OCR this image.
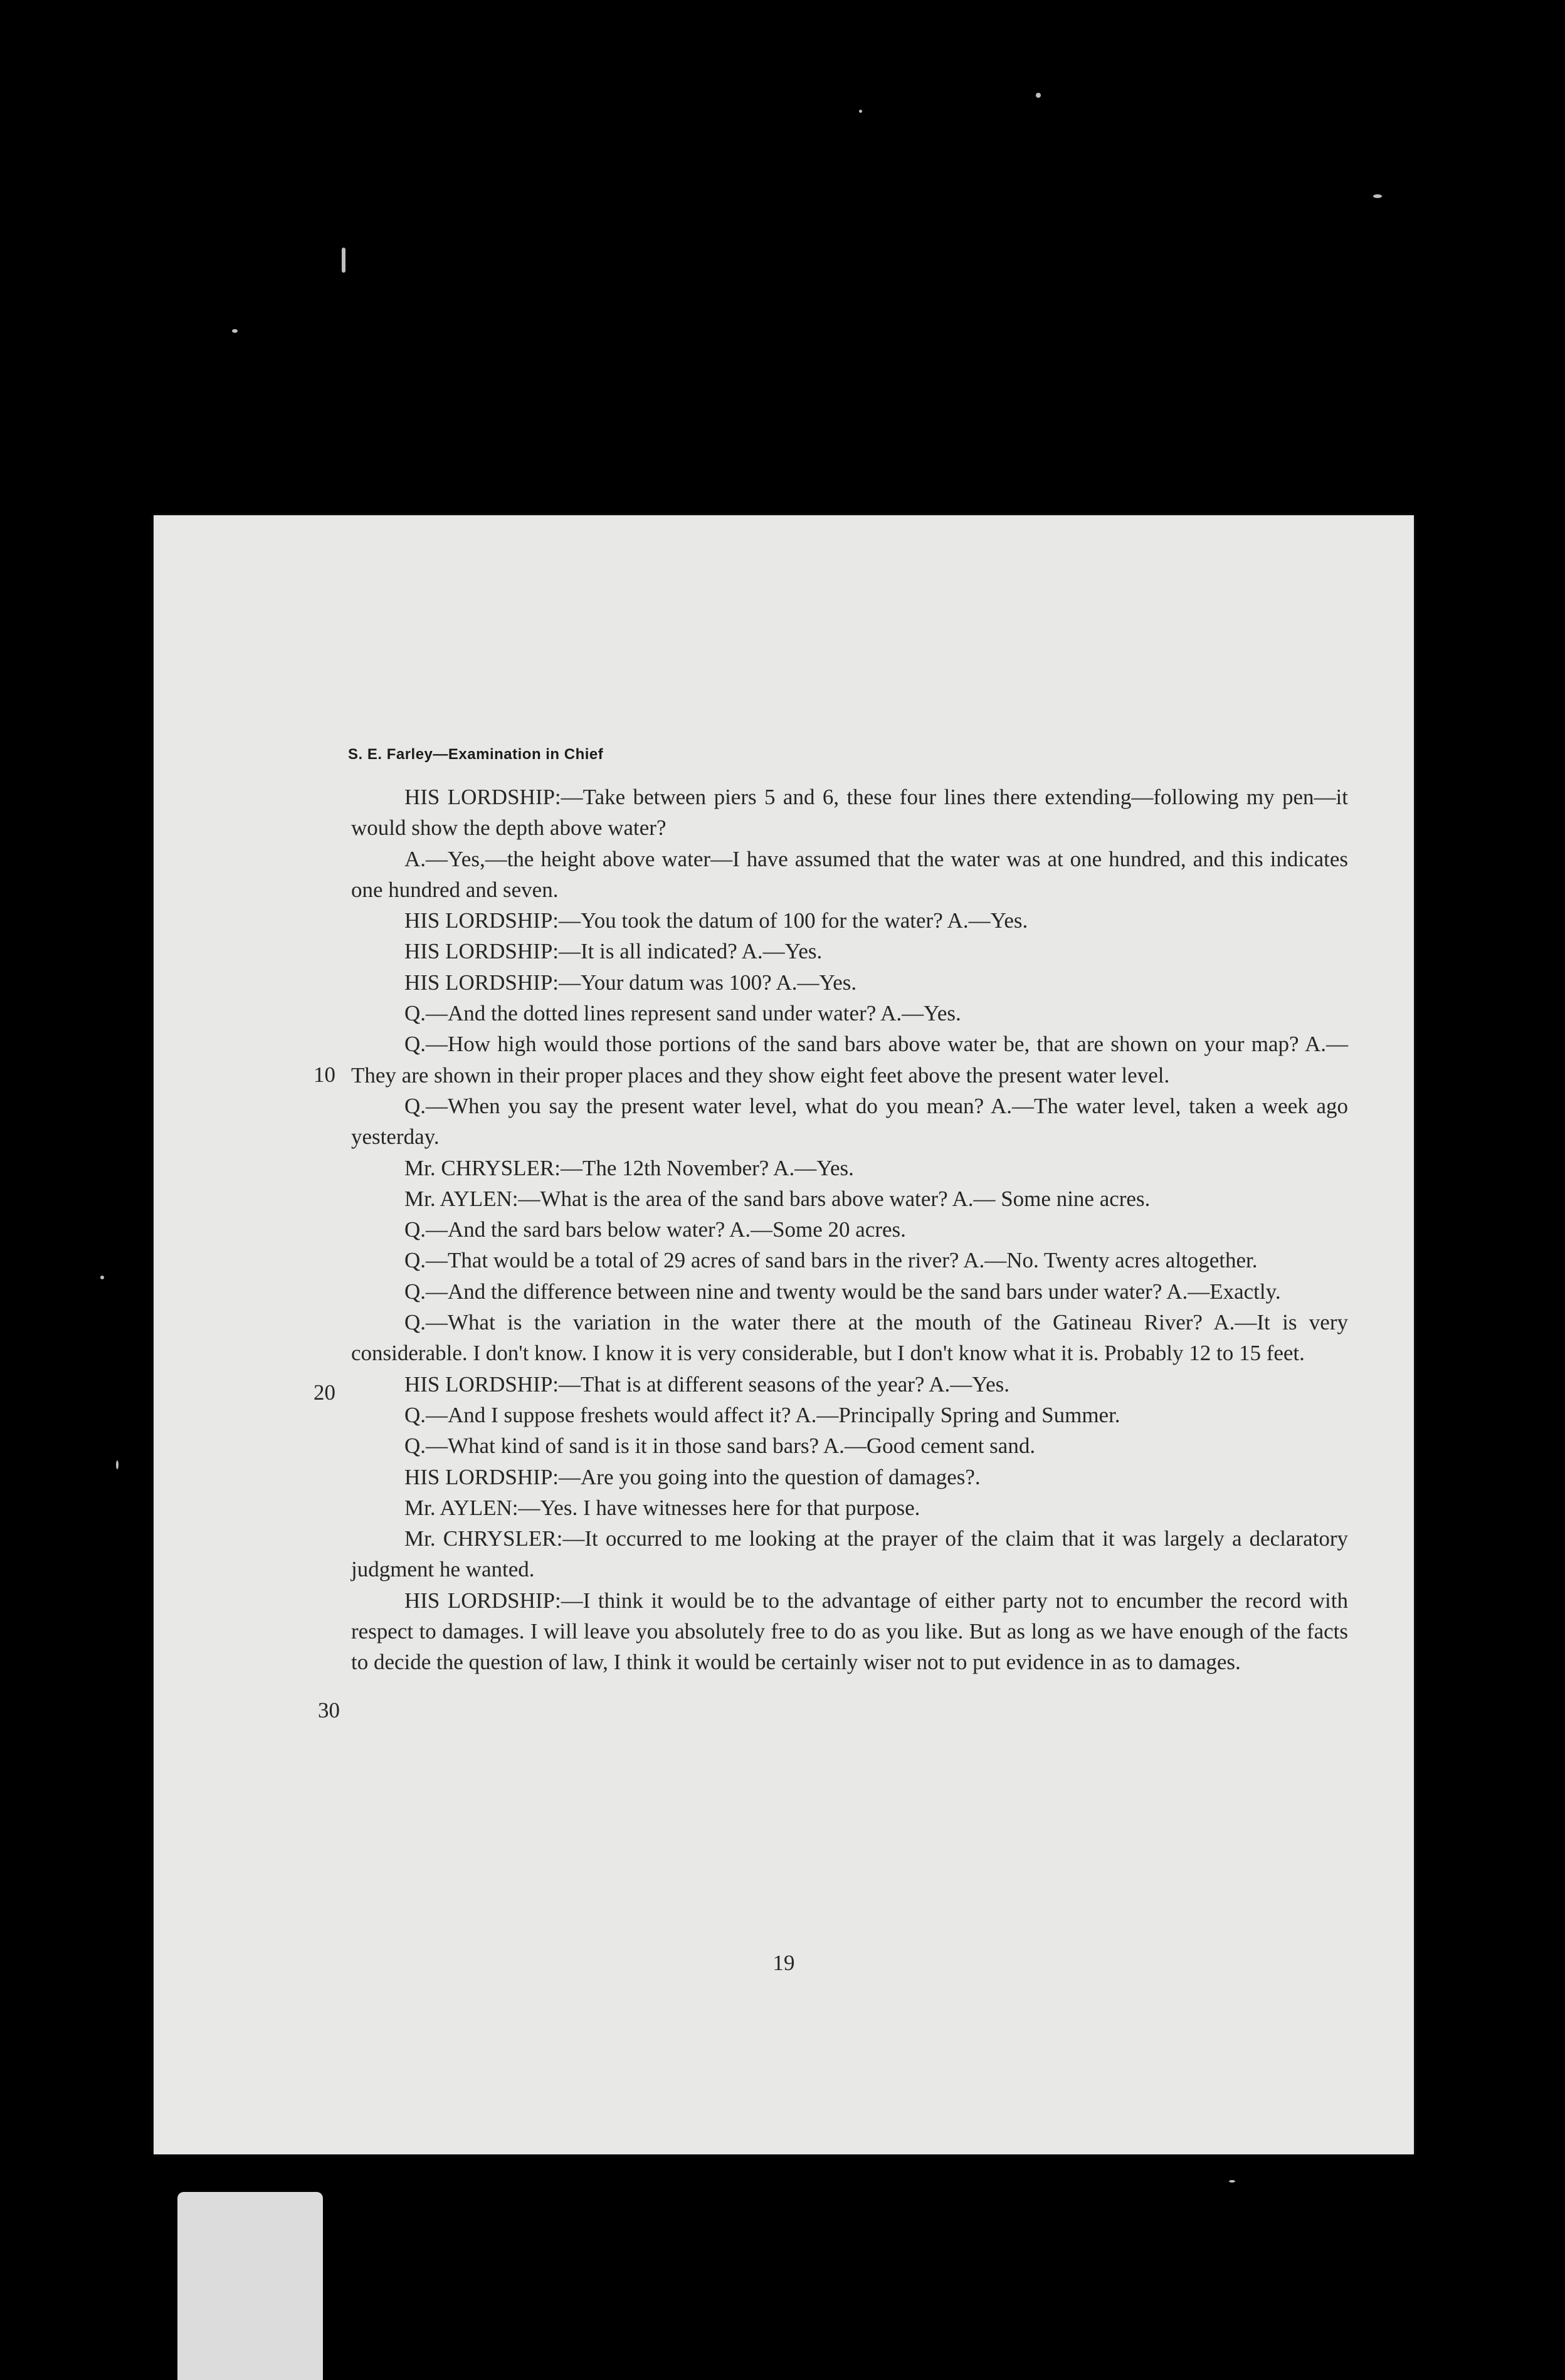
S. E. Farley—Examination in Chief
10
20
30

HIS LORDSHIP:—Take between piers 5 and 6, these four lines there extending—following my pen—it would show the depth above water?

A.—Yes,—the height above water—I have assumed that the water was at one hundred, and this indicates one hundred and seven.

HIS LORDSHIP:—You took the datum of 100 for the water? A.—Yes.

HIS LORDSHIP:—It is all indicated? A.—Yes.

HIS LORDSHIP:—Your datum was 100? A.—Yes.

Q.—And the dotted lines represent sand under water? A.—Yes.

Q.—How high would those portions of the sand bars above water be, that are shown on your map? A.—They are shown in their proper places and they show eight feet above the present water level.

Q.—When you say the present water level, what do you mean? A.—The water level, taken a week ago yesterday.

Mr. CHRYSLER:—The 12th November? A.—Yes.

Mr. AYLEN:—What is the area of the sand bars above water? A.— Some nine acres.

Q.—And the sard bars below water? A.—Some 20 acres.

Q.—That would be a total of 29 acres of sand bars in the river? A.—No. Twenty acres altogether.

Q.—And the difference between nine and twenty would be the sand bars under water? A.—Exactly.

Q.—What is the variation in the water there at the mouth of the Gatineau River? A.—It is very considerable. I don't know. I know it is very considerable, but I don't know what it is. Probably 12 to 15 feet.

HIS LORDSHIP:—That is at different seasons of the year? A.—Yes.

Q.—And I suppose freshets would affect it? A.—Principally Spring and Summer.

Q.—What kind of sand is it in those sand bars? A.—Good cement sand.

HIS LORDSHIP:—Are you going into the question of damages?.

Mr. AYLEN:—Yes. I have witnesses here for that purpose.

Mr. CHRYSLER:—It occurred to me looking at the prayer of the claim that it was largely a declaratory judgment he wanted.

HIS LORDSHIP:—I think it would be to the advantage of either party not to encumber the record with respect to damages. I will leave you absolutely free to do as you like. But as long as we have enough of the facts to decide the question of law, I think it would be certainly wiser not to put evidence in as to damages.

19
